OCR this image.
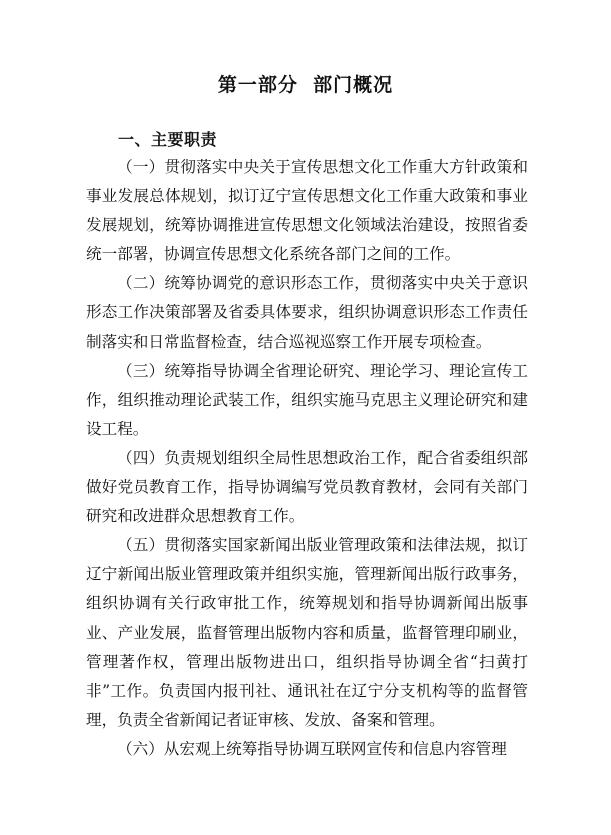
第一部分  部门概况
一、主要职责

（一）贯彻落实中央关于宣传思想文化工作重大方针政策和事业发展总体规划，拟订辽宁宣传思想文化工作重大政策和事业发展规划，统筹协调推进宣传思想文化领域法治建设，按照省委统一部署，协调宣传思想文化系统各部门之间的工作。

（二）统筹协调党的意识形态工作，贯彻落实中央关于意识形态工作决策部署及省委具体要求，组织协调意识形态工作责任制落实和日常监督检查，结合巡视巡察工作开展专项检查。

（三）统筹指导协调全省理论研究、理论学习、理论宣传工作，组织推动理论武装工作，组织实施马克思主义理论研究和建设工程。

（四）负责规划组织全局性思想政治工作，配合省委组织部做好党员教育工作，指导协调编写党员教育教材，会同有关部门研究和改进群众思想教育工作。

（五）贯彻落实国家新闻出版业管理政策和法律法规，拟订辽宁新闻出版业管理政策并组织实施，管理新闻出版行政事务，组织协调有关行政审批工作，统筹规划和指导协调新闻出版事业、产业发展，监督管理出版物内容和质量，监督管理印刷业，管理著作权，管理出版物进出口，组织指导协调全省“扫黄打非”工作。负责国内报刊社、通讯社在辽宁分支机构等的监督管理，负责全省新闻记者证审核、发放、备案和管理。

（六）从宏观上统筹指导协调互联网宣传和信息内容管理
